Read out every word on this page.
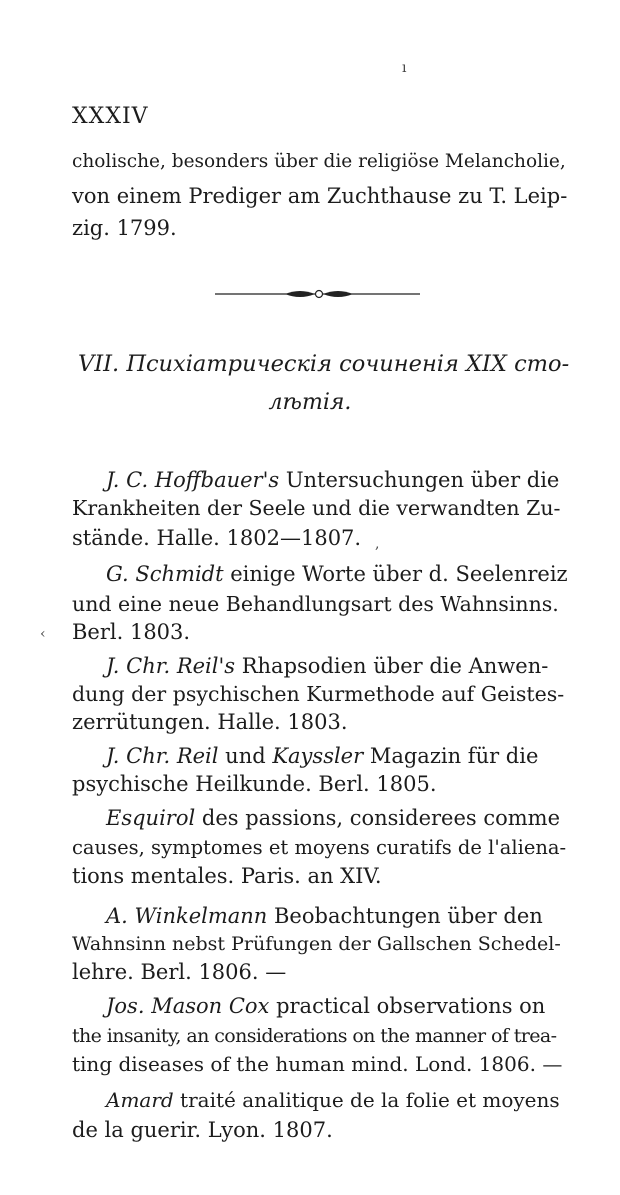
ı
XXXIV
cholische, besonders über die religiöse Melancholie,
von einem Prediger am Zuchthause zu T. Leip-
zig. 1799.
VII. Психіатрическія сочиненія XIX сто-
лѣтія.
J. C. Hoffbauer's Untersuchungen über die
Krankheiten der Seele und die verwandten Zu-
stände. Halle. 1802—1807.
G. Schmidt einige Worte über d. Seelenreiz
und eine neue Behandlungsart des Wahnsinns.
Berl. 1803.
J. Chr. Reil's Rhapsodien über die Anwen-
dung der psychischen Kurmethode auf Geistes-
zerrütungen. Halle. 1803.
J. Chr. Reil und Kayssler Magazin für die
psychische Heilkunde. Berl. 1805.
Esquirol des passions, considerees comme
causes, symptomes et moyens curatifs de l'aliena-
tions mentales. Paris. an XIV.
A. Winkelmann Beobachtungen über den
Wahnsinn nebst Prüfungen der Gallschen Schedel-
lehre. Berl. 1806. —
Jos. Mason Cox practical observations on
the insanity, an considerations on the manner of trea-
ting diseases of the human mind. Lond. 1806. —
Amard traité analitique de la folie et moyens
de la guerir. Lyon. 1807.
‹
,
